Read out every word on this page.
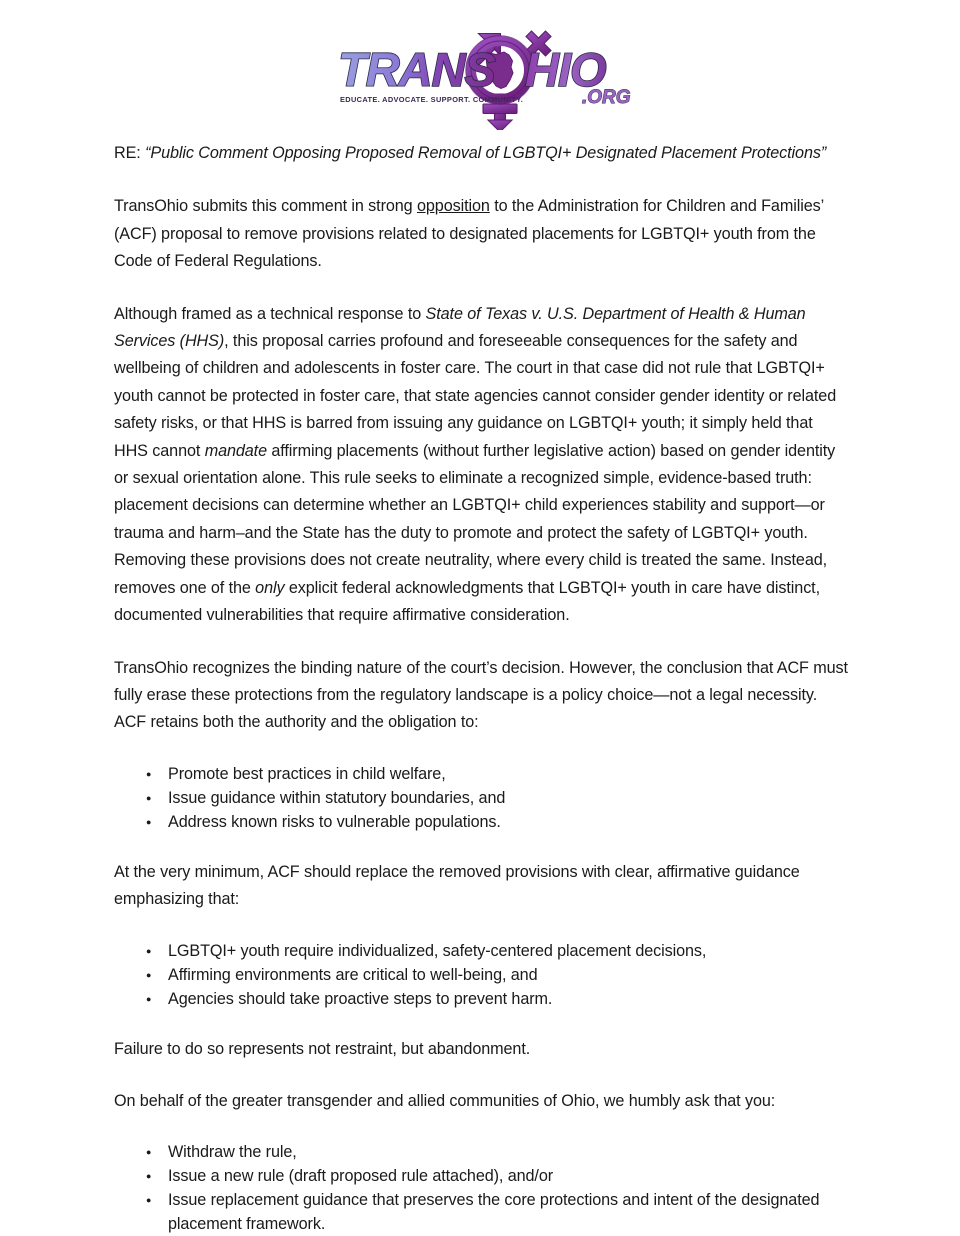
TRANS HIO
.ORG
EDUCATE. ADVOCATE. SUPPORT. COMMUNITY.

RE: “Public Comment Opposing Proposed Removal of LGBTQI+ Designated Placement Protections”

TransOhio submits this comment in strong opposition to the Administration for Children and Families’ (ACF) proposal to remove provisions related to designated placements for LGBTQI+ youth from the Code of Federal Regulations.

Although framed as a technical response to State of Texas v. U.S. Department of Health & Human Services (HHS), this proposal carries profound and foreseeable consequences for the safety and wellbeing of children and adolescents in foster care. The court in that case did not rule that LGBTQI+ youth cannot be protected in foster care, that state agencies cannot consider gender identity or related safety risks, or that HHS is barred from issuing any guidance on LGBTQI+ youth; it simply held that HHS cannot mandate affirming placements (without further legislative action) based on gender identity or sexual orientation alone. This rule seeks to eliminate a recognized simple, evidence-based truth: placement decisions can determine whether an LGBTQI+ child experiences stability and support—or trauma and harm–and the State has the duty to promote and protect the safety of LGBTQI+ youth. Removing these provisions does not create neutrality, where every child is treated the same. Instead, removes one of the only explicit federal acknowledgments that LGBTQI+ youth in care have distinct, documented vulnerabilities that require affirmative consideration.

TransOhio recognizes the binding nature of the court’s decision. However, the conclusion that ACF must fully erase these protections from the regulatory landscape is a policy choice—not a legal necessity. ACF retains both the authority and the obligation to:

● Promote best practices in child welfare,
● Issue guidance within statutory boundaries, and
● Address known risks to vulnerable populations.

At the very minimum, ACF should replace the removed provisions with clear, affirmative guidance emphasizing that:

● LGBTQI+ youth require individualized, safety-centered placement decisions,
● Affirming environments are critical to well-being, and
● Agencies should take proactive steps to prevent harm.

Failure to do so represents not restraint, but abandonment.

On behalf of the greater transgender and allied communities of Ohio, we humbly ask that you:

● Withdraw the rule,
● Issue a new rule (draft proposed rule attached), and/or
● Issue replacement guidance that preserves the core protections and intent of the designated placement framework.
